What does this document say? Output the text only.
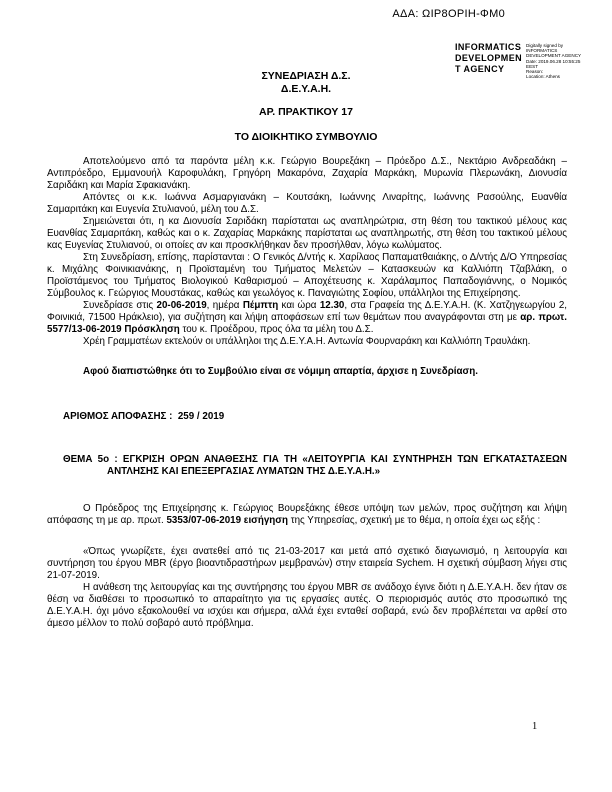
ΑΔΑ: ΩΙΡ8ΟΡΙΗ-ΦΜ0
INFORMATICS
DEVELOPMEN
T AGENCY
Digitally signed by
INFORMATICS
DEVELOPMENT AGENCY
Date: 2019.06.28 10:55:25
EEST
Reason:
Location: Athens
ΣΥΝΕΔΡΙΑΣΗ Δ.Σ.
Δ.Ε.Υ.Α.Η.
ΑΡ. ΠΡΑΚΤΙΚΟΥ 17
ΤΟ ΔΙΟΙΚΗΤΙΚΟ ΣΥΜΒΟΥΛΙΟ

Αποτελούμενο από τα παρόντα μέλη κ.κ. Γεώργιο Βουρεξάκη – Πρόεδρο Δ.Σ., Νεκτάριο Ανδρεαδάκη – Αντιπρόεδρο, Εμμανουήλ Καροφυλάκη, Γρηγόρη Μακαρόνα, Ζαχαρία Μαρκάκη, Μυρωνία Πλερωνάκη, Διονυσία Σαριδάκη και Μαρία Σφακιανάκη.

Απόντες οι κ.κ. Ιωάννα Ασμαργιανάκη – Κουτσάκη, Ιωάννης Λιναρίτης, Ιωάννης Ρασούλης, Ευανθία Σαμαριτάκη και Ευγενία Στυλιανού, μέλη του Δ.Σ.

Σημειώνεται ότι, η κα Διονυσία Σαριδάκη παρίσταται ως αναπληρώτρια, στη θέση του τακτικού μέλους κας Ευανθίας Σαμαριτάκη, καθώς και ο κ. Ζαχαρίας Μαρκάκης παρίσταται ως αναπληρωτής, στη θέση του τακτικού μέλους κας Ευγενίας Στυλιανού, οι οποίες αν και προσκλήθηκαν δεν προσήλθαν, λόγω κωλύματος.

Στη Συνεδρίαση, επίσης, παρίστανται : Ο Γενικός Δ/ντής κ. Χαρίλαος Παπαματθαιάκης, ο Δ/ντής Δ/Ο Υπηρεσίας κ. Μιχάλης Φοινικιανάκης, η Προϊσταμένη του Τμήματος Μελετών – Κατασκευών κα Καλλιόπη Τζαβλάκη, ο Προϊστάμενος του Τμήματος Βιολογικού Καθαρισμού – Αποχέτευσης κ. Χαράλαμπος Παπαδογιάννης, ο Νομικός Σύμβουλος κ. Γεώργιος Μουστάκας, καθώς και γεωλόγος κ. Παναγιώτης Σοφίου, υπάλληλοι της Επιχείρησης.

Συνεδρίασε στις 20-06-2019, ημέρα Πέμπτη και ώρα 12.30, στα Γραφεία της Δ.Ε.Υ.Α.Η. (Κ. Χατζηγεωργίου 2, Φοινικιά, 71500 Ηράκλειο), για συζήτηση και λήψη αποφάσεων επί των θεμάτων που αναγράφονται στη με αρ. πρωτ. 5577/13-06-2019 Πρόσκληση του κ. Προέδρου, προς όλα τα μέλη του Δ.Σ.

Χρέη Γραμματέων εκτελούν οι υπάλληλοι της Δ.Ε.Υ.Α.Η. Αντωνία Φουρναράκη και Καλλιόπη Τραυλάκη.

Αφού διαπιστώθηκε ότι το Συμβούλιο είναι σε νόμιμη απαρτία, άρχισε η Συνεδρίαση.

ΑΡΙΘΜΟΣ ΑΠΟΦΑΣΗΣ :  259 / 2019

ΘΕΜΑ 5ο : ΕΓΚΡΙΣΗ ΟΡΩΝ ΑΝΑΘΕΣΗΣ ΓΙΑ ΤΗ «ΛΕΙΤΟΥΡΓΙΑ ΚΑΙ ΣΥΝΤΗΡΗΣΗ ΤΩΝ ΕΓΚΑΤΑΣΤΑΣΕΩΝ ΑΝΤΛΗΣΗΣ ΚΑΙ ΕΠΕΞΕΡΓΑΣΙΑΣ ΛΥΜΑΤΩΝ ΤΗΣ Δ.Ε.Υ.Α.Η.»

Ο Πρόεδρος της Επιχείρησης κ. Γεώργιος Βουρεξάκης έθεσε υπόψη των μελών, προς συζήτηση και λήψη απόφασης τη με αρ. πρωτ. 5353/07-06-2019 εισήγηση της Υπηρεσίας, σχετική με το θέμα, η οποία έχει ως εξής :

«Όπως γνωρίζετε, έχει ανατεθεί από τις 21-03-2017 και μετά από σχετικό διαγωνισμό, η λειτουργία και συντήρηση του έργου MBR (έργο βιοαντιδραστήρων μεμβρανών) στην εταιρεία Sychem. Η σχετική σύμβαση λήγει στις 21-07-2019.

Η ανάθεση της λειτουργίας και της συντήρησης του έργου MBR σε ανάδοχο έγινε διότι η Δ.Ε.Υ.Α.Η. δεν ήταν σε θέση να διαθέσει το προσωπικό το απαραίτητο για τις εργασίες αυτές. Ο περιορισμός αυτός στο προσωπικό της Δ.Ε.Υ.Α.Η. όχι μόνο εξακολουθεί να ισχύει και σήμερα, αλλά έχει ενταθεί σοβαρά, ενώ δεν προβλέπεται να αρθεί στο άμεσο μέλλον το πολύ σοβαρό αυτό πρόβλημα.

1
